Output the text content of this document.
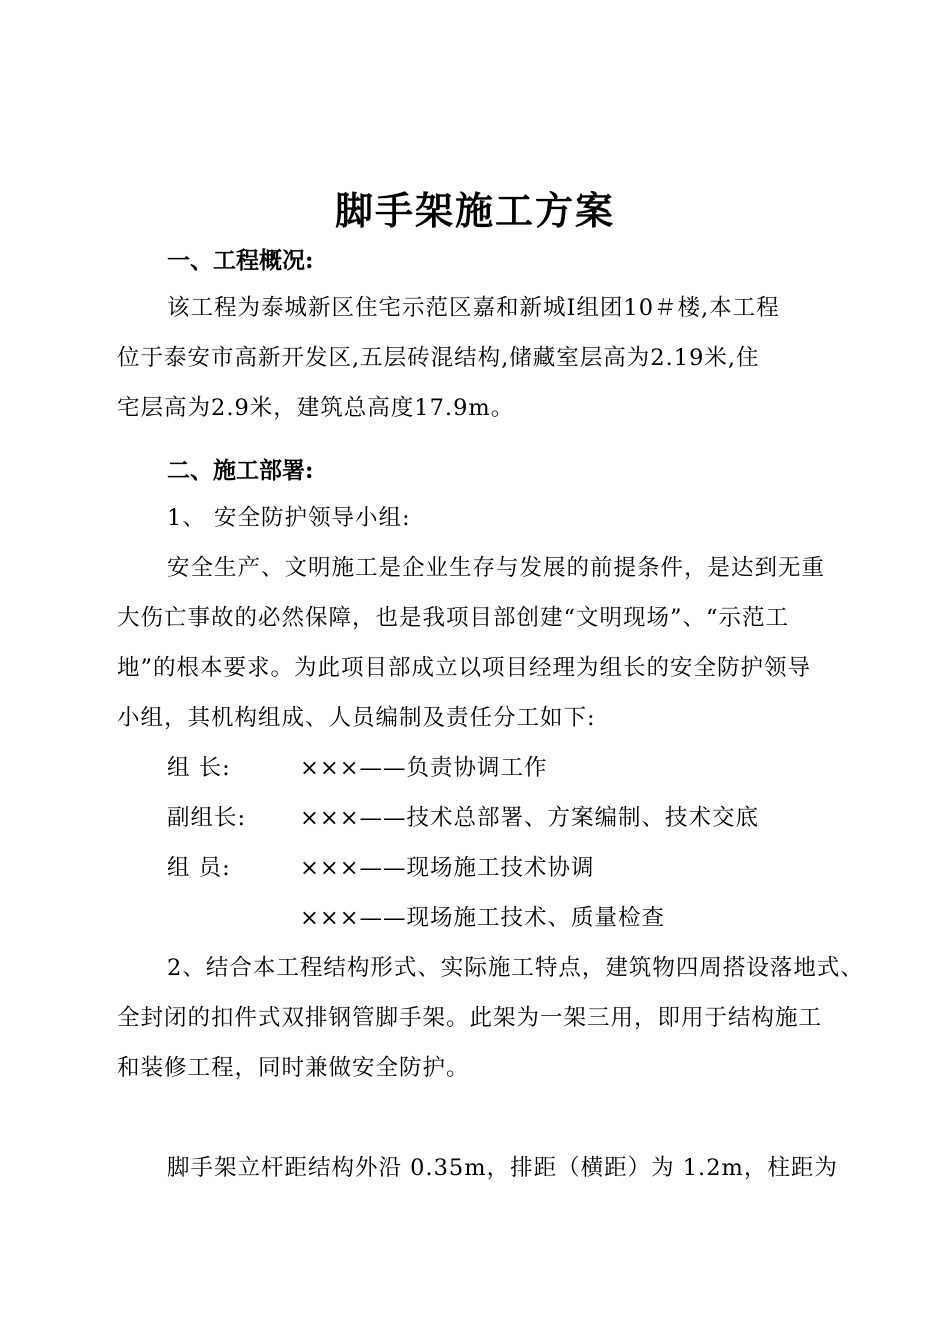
脚手架施工方案
一、工程概况:
该工程为泰城新区住宅示范区嘉和新城Ⅰ组团10＃楼,本工程
位于泰安市高新开发区,五层砖混结构,储藏室层高为2.19米,住
宅层高为2.9米，建筑总高度17.9m。
二、施工部署:
1、 安全防护领导小组:
安全生产、文明施工是企业生存与发展的前提条件，是达到无重
大伤亡事故的必然保障，也是我项目部创建“文明现场”、“示范工
地”的根本要求。为此项目部成立以项目经理为组长的安全防护领导
小组，其机构组成、人员编制及责任分工如下:
组 长:	×××——负责协调工作
副组长: ×××——技术总部署、方案编制、技术交底
组 员:	×××——现场施工技术协调
×××——现场施工技术、质量检查
2、结合本工程结构形式、实际施工特点，建筑物四周搭设落地式、
全封闭的扣件式双排钢管脚手架。此架为一架三用，即用于结构施工
和装修工程，同时兼做安全防护。
脚手架立杆距结构外沿 0.35m，排距（横距）为 1.2m，柱距为
